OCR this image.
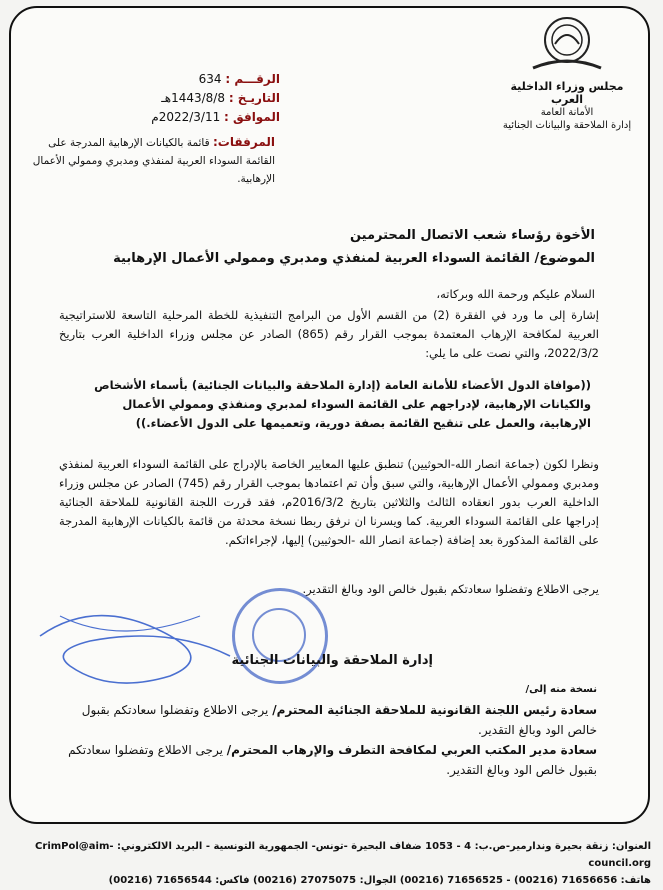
مجلس وزراء الداخلية العرب
الأمانة العامة
إدارة الملاحقة والبيانات الجنائية
الرقـــم : 634
التاريـخ : 1443/8/8هـ
الموافق : 2022/3/11م
المرفقات: قائمة بالكيانات الإرهابية المدرجة على القائمة السوداء العربية لمنفذي ومدبري وممولي الأعمال الإرهابية.
الأخوة رؤساء شعب الاتصال المحترمين
الموضوع/ القائمة السوداء العربية لمنفذي ومدبري وممولي الأعمال الإرهابية
السلام عليكم ورحمة الله وبركاته،
إشارة إلى ما ورد في الفقرة (2) من القسم الأول من البرامج التنفيذية للخطة المرحلية التاسعة للاستراتيجية العربية لمكافحة الإرهاب المعتمدة بموجب القرار رقم (865) الصادر عن مجلس وزراء الداخلية العرب بتاريخ 2022/3/2، والتي نصت على ما يلي:
((موافاة الدول الأعضاء للأمانة العامة (إدارة الملاحقة والبيانات الجنائية) بأسماء الأشخاص والكيانات الإرهابية، لإدراجهم على القائمة السوداء لمدبري ومنفذي وممولي الأعمال الإرهابية، والعمل على تنقيح القائمة بصفة دورية، وتعميمها على الدول الأعضاء.))
ونظرا لكون (جماعة انصار الله-الحوثيين) تنطبق عليها المعايير الخاصة بالإدراج على القائمة السوداء العربية لمنفذي ومدبري وممولي الأعمال الإرهابية، والتي سبق وأن تم اعتمادها بموجب القرار رقم (745) الصادر عن مجلس وزراء الداخلية العرب بدور انعقاده الثالث والثلاثين بتاريخ 2016/3/2م، فقد قررت اللجنة القانونية للملاحقة الجنائية إدراجها على القائمة السوداء العربية. كما ويسرنا ان نرفق ربطا نسخة محدثة من قائمة بالكيانات الإرهابية المدرجة على القائمة المذكورة بعد إضافة (جماعة انصار الله -الحوثيين) إليها، لإجراءاتكم.
يرجى الاطلاع وتفضلوا سعادتكم بقبول خالص الود وبالغ التقدير.
إدارة الملاحقة والبيانات الجنائية
نسخة منه إلى/
سعادة رئيس اللجنة القانونية للملاحقة الجنائية المحترم/ يرجى الاطلاع وتفضلوا سعادتكم بقبول خالص الود وبالغ التقدير.
سعادة مدير المكتب العربي لمكافحة التطرف والإرهاب المحترم/ يرجى الاطلاع وتفضلوا سعادتكم بقبول خالص الود وبالغ التقدير.
العنوان: زنقة بحيرة وندارمير-ص.ب: 4 - 1053 ضفاف البحيرة -تونس- الجمهورية التونسية - البريد الالكتروني: CrimPol@aim-council.org
هاتف: 71656656 (00216) - 71656525 (00216) الجوال: 27075075 (00216) فاكس: 71656544 (00216)
